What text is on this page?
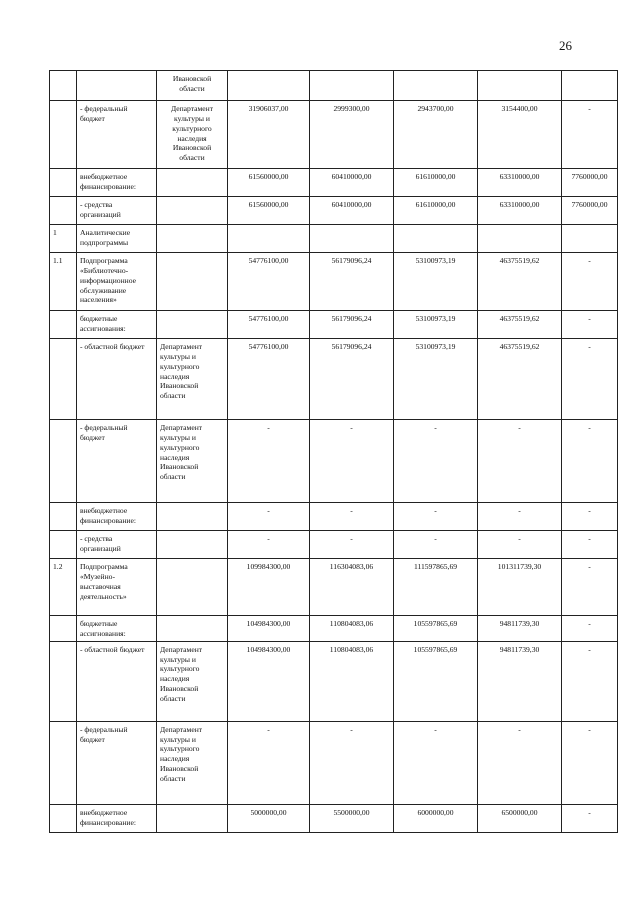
26
		Ивановской области					
	- федеральный бюджет	Департамент культуры и культурного наследия Ивановской области	31906037,00	2999300,00	2943700,00	3154400,00	-
	внебюджетное финансирование:		61560000,00	60410000,00	61610000,00	63310000,00	7760000,00
	- средства организаций		61560000,00	60410000,00	61610000,00	63310000,00	7760000,00
1	Аналитические подпрограммы						
1.1	Подпрограмма «Библиотечно-информационное обслуживание населения»		54776100,00	56179096,24	53100973,19	46375519,62	-
	бюджетные ассигнования:		54776100,00	56179096,24	53100973,19	46375519,62	-
	- областной бюджет	Департамент культуры и культурного наследия Ивановской области	54776100,00	56179096,24	53100973,19	46375519,62	-
	- федеральный бюджет	Департамент культуры и культурного наследия Ивановской области	-	-	-	-	-
	внебюджетное финансирование:		-	-	-	-	-
	- средства организаций		-	-	-	-	-
1.2	Подпрограмма «Музейно-выставочная деятельность»		109984300,00	116304083,06	111597865,69	101311739,30	-
	бюджетные ассигнования:		104984300,00	110804083,06	105597865,69	94811739,30	-
	- областной бюджет	Департамент культуры и культурного наследия Ивановской области	104984300,00	110804083,06	105597865,69	94811739,30	-
	- федеральный бюджет	Департамент культуры и культурного наследия Ивановской области	-	-	-	-	-
	внебюджетное финансирование:		5000000,00	5500000,00	6000000,00	6500000,00	-
